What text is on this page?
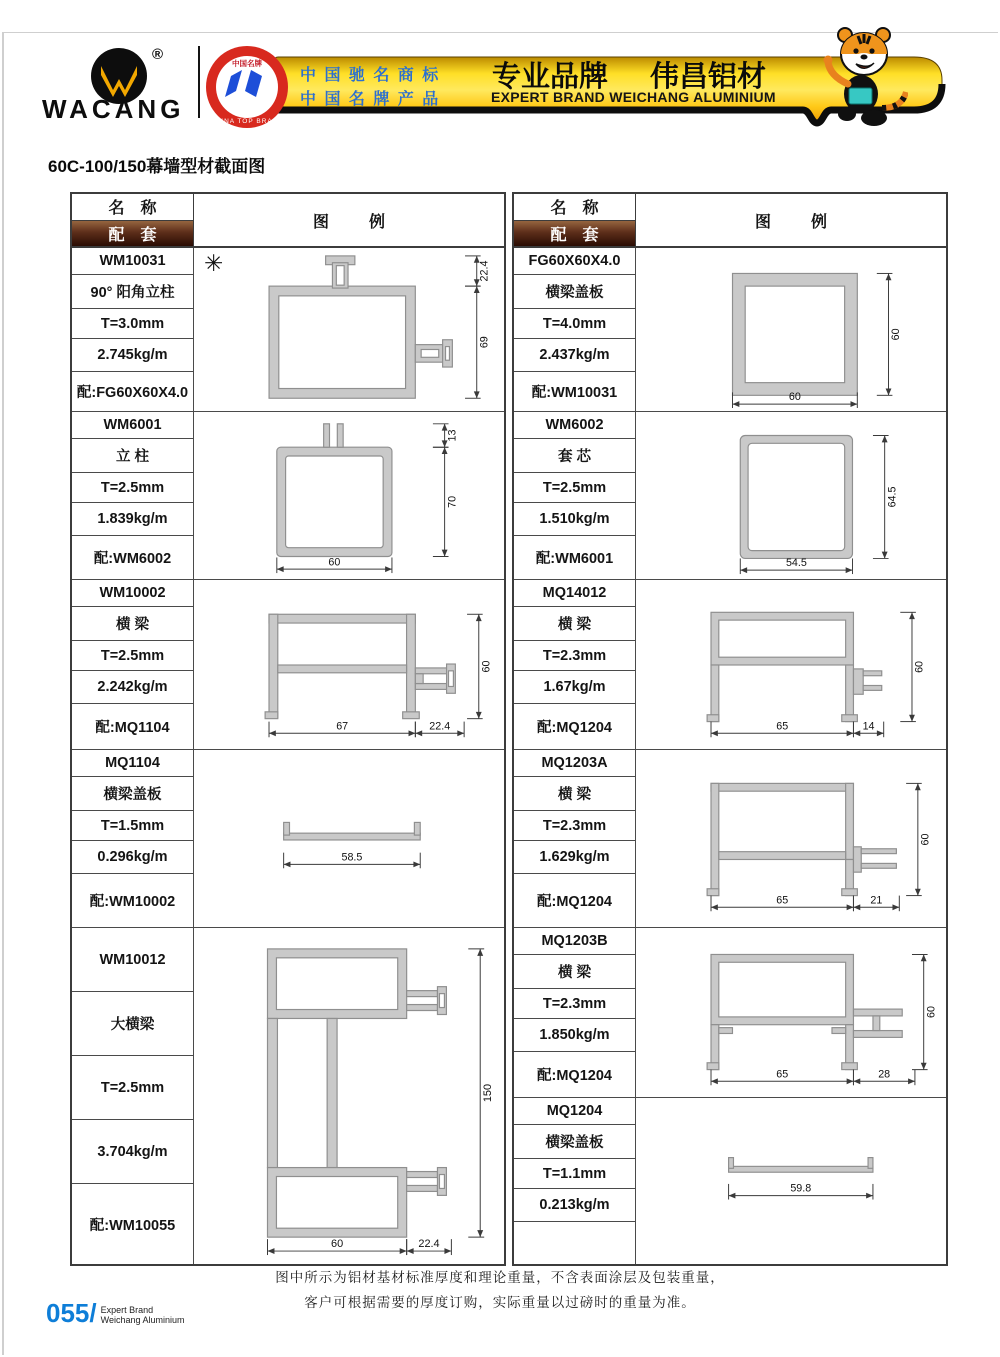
®
WACANG
中国名牌
CHINA TOP BRAND
中 国 驰 名 商 标
中 国 名 牌 产 品
专业品牌 伟昌铝材
EXPERT BRAND WEICHANG ALUMINIUM
60C-100/150幕墙型材截面图
名　称
配　套
图　例
WM10031
90° 阳角立柱
T=3.0mm
2.745kg/m
配:FG60X60X4.0
✳	22.4
69
WM6001
立 柱
T=2.5mm
1.839kg/m
配:WM6002
13
70
60
WM10002
横 梁
T=2.5mm
2.242kg/m
配:MQ1104
60
67	22.4
MQ1104
横梁盖板
T=1.5mm
0.296kg/m
配:WM10002
58.5
WM10012
大横梁
T=2.5mm
3.704kg/m
配:WM10055
150
60	22.4
名　称
配　套
图　例
FG60X60X4.0
横梁盖板
T=4.0mm
2.437kg/m
配:WM10031
60
60
WM6002
套 芯
T=2.5mm
1.510kg/m
配:WM6001
64.5
54.5
MQ14012
横 梁
T=2.3mm
1.67kg/m
配:MQ1204
60
65	14
MQ1203A
横 梁
T=2.3mm
1.629kg/m
配:MQ1204
60
65	21
MQ1203B
横 梁
T=2.3mm
1.850kg/m
配:MQ1204
60
65	28
MQ1204
横梁盖板
T=1.1mm
0.213kg/m
59.8
图中所示为铝材基材标准厚度和理论重量，不含表面涂层及包装重量，
客户可根据需要的厚度订购，实际重量以过磅时的重量为准。
055/ Expert Brand
Weichang Aluminium
